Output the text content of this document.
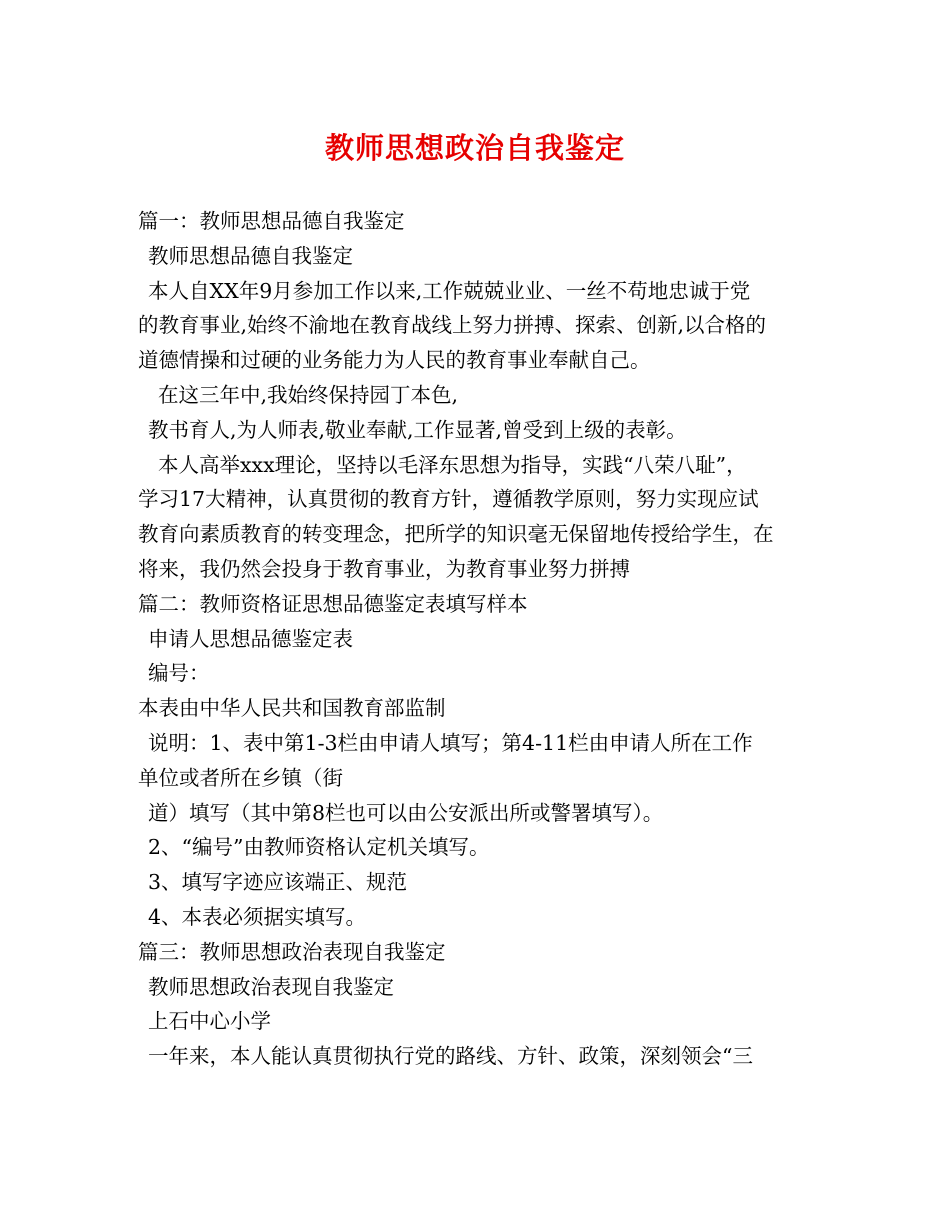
教师思想政治自我鉴定

篇一：教师思想品德自我鉴定

教师思想品德自我鉴定

本人自XX年9月参加工作以来,工作兢兢业业、一丝不苟地忠诚于党

的教育事业,始终不渝地在教育战线上努力拼搏、探索、创新,以合格的

道德情操和过硬的业务能力为人民的教育事业奉献自己。

在这三年中,我始终保持园丁本色,

教书育人,为人师表,敬业奉献,工作显著,曾受到上级的表彰。

本人高举xxx理论，坚持以毛泽东思想为指导，实践“八荣八耻”，

学习17大精神，认真贯彻的教育方针，遵循教学原则，努力实现应试

教育向素质教育的转变理念，把所学的知识毫无保留地传授给学生，在

将来，我仍然会投身于教育事业，为教育事业努力拼搏

篇二：教师资格证思想品德鉴定表填写样本

申请人思想品德鉴定表

编号：

本表由中华人民共和国教育部监制

说明：1、表中第1-3栏由申请人填写；第4-11栏由申请人所在工作

单位或者所在乡镇（街

道）填写（其中第8栏也可以由公安派出所或警署填写）。

2、“编号”由教师资格认定机关填写。

3、填写字迹应该端正、规范

4、本表必须据实填写。

篇三：教师思想政治表现自我鉴定

教师思想政治表现自我鉴定

上石中心小学

一年来，本人能认真贯彻执行党的路线、方针、政策，深刻领会“三
